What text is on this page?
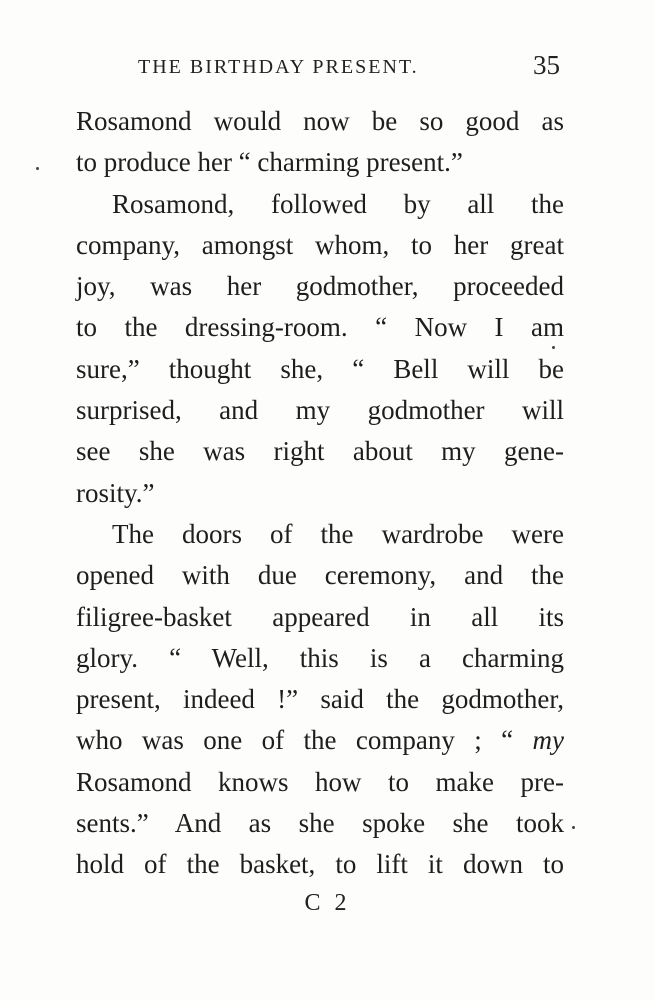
THE BIRTHDAY PRESENT.	35
Rosamond would now be so good as
to produce her “ charming present.”
Rosamond, followed by all the
company, amongst whom, to her great
joy, was her godmother, proceeded
to the dressing-room. “ Now I am
sure,” thought she, “ Bell will be
surprised, and my godmother will
see she was right about my gene-
rosity.”
The doors of the wardrobe were
opened with due ceremony, and the
filigree-basket appeared in all its
glory. “ Well, this is a charming
present, indeed !” said the godmother,
who was one of the company ; “ my
Rosamond knows how to make pre-
sents.” And as she spoke she took
hold of the basket, to lift it down to
C 2
